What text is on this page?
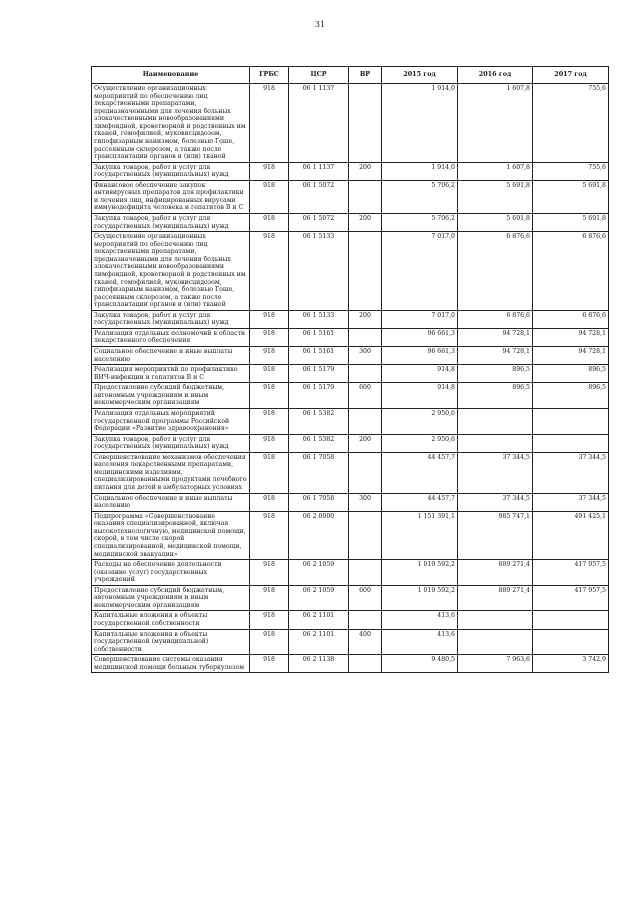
31
Наименование	ГРБС	ЦСР	ВР	2015 год	2016 год	2017 год
Осуществление организационных мероприятий по обеспечению лиц лекарственными препаратами, предназначенными для лечения больных злокачественными новообразованиями лимфоидной, кроветворной и родственных им тканей, гемофилией, муковисцидозом, гипофизарным нанизмом, болезнью Гоше, рассеянным склерозом, а также после трансплантации органов и (или) тканей	918	06 1 1137		1 914,0	1 607,8	755,6
Закупка товаров, работ и услуг для государственных (муниципальных) нужд	918	06 1 1137	200	1 914,0	1 607,8	755,6
Финансовое обеспечение закупок антивирусных препаратов для профилактики и лечения лиц, инфицированных вирусами иммунодефицита человека и гепатитов В и С	918	06 1 5072		5 706,2	5 691,8	5 691,8
Закупка товаров, работ и услуг для государственных (муниципальных) нужд	918	06 1 5072	200	5 706,2	5 691,8	5 691,8
Осуществление организационных мероприятий по обеспечению лиц лекарственными препаратами, предназначенными для лечения больных злокачественными новообразованиями лимфоидной, кроветворной и родственных им тканей, гемофилией, муковисцидозом, гипофизарным нанизмом, болезнью Гоше, рассеянным склерозом, а также после трансплантации органов и (или) тканей	918	06 1 5133		7 017,0	6 876,6	6 876,6
Закупка товаров, работ и услуг для государственных (муниципальных) нужд	918	06 1 5133	200	7 017,0	6 876,6	6 876,6
Реализация отдельных полномочий в области лекарственного обеспечения	918	06 1 5161		96 661,3	94 728,1	94 728,1
Социальное обеспечение и иные выплаты населению	918	06 1 5161	300	96 661,3	94 728,1	94 728,1
Реализация мероприятий по профилактике ВИЧ-инфекции и гепатитов В и С	918	06 1 5179		914,8	896,5	896,5
Предоставление субсидий бюджетным, автономным учреждениям и иным некоммерческим организациям	918	06 1 5179	600	914,8	896,5	896,5
Реализация отдельных мероприятий государственной программы Российской Федерации «Развитие здравоохранения»	918	06 1 5382		2 950,6		
Закупка товаров, работ и услуг для государственных (муниципальных) нужд	918	06 1 5382	200	2 950,6		
Совершенствование механизмов обеспечения населения лекарственными препаратами, медицинскими изделиями, специализированными продуктами лечебного питания для детей в амбулаторных условиях	918	06 1 7058		44 457,7	37 344,5	37 344,5
Социальное обеспечение и иные выплаты населению	918	06 1 7058	300	44 457,7	37 344,5	37 344,5
Подпрограмма «Совершенствование оказания специализированной, включая высокотехнологичную, медицинской помощи, скорой, в том числе скорой специализированной, медицинской помощи, медицинской эвакуации»	918	06 2 0000		1 151 391,1	985 747,1	491 425,1
Расходы на обеспечение деятельности (оказание услуг) государственных учреждений	918	06 2 1059		1 019 592,2	889 271,4	417 957,5
Предоставление субсидий бюджетным, автономным учреждениям и иным некоммерческим организациям	918	06 2 1059	600	1 019 592,2	889 271,4	417 957,5
Капитальные вложения в объекты государственной собственности	918	06 2 1101		413,6		
Капитальные вложения в объекты государственной (муниципальной) собственности	918	06 2 1101	400	413,6		
Совершенствование системы оказания медицинской помощи больным туберкулезом	918	06 2 1138		9 480,5	7 963,6	3 742,9
